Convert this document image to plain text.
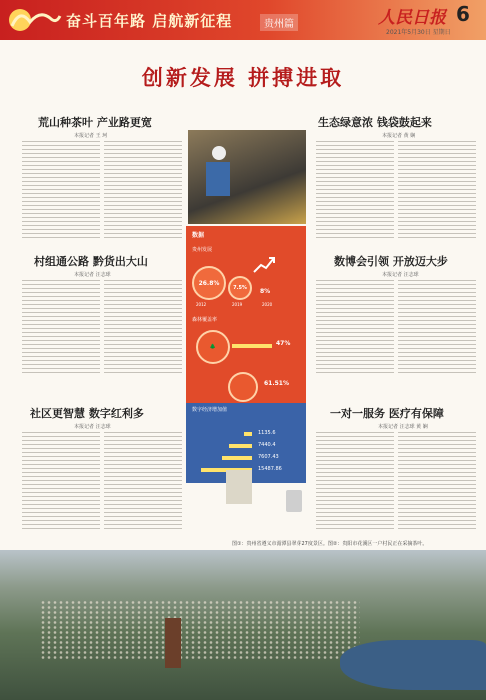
奋斗百年路 启航新征程	贵州篇	人民日报 6
2021年5月30日 星期日
创新发展 拼搏进取
荒山种茶叶 产业路更宽
本报记者 王 珂
村组通公路 黔货出大山
本报记者 汪志球
社区更智慧 数字红利多
本报记者 汪志球
数据
贵州发展
26.8%
7.5%	8%
2012	2019	2020
森林覆盖率
🌲	47%
61.51%
数字经济增加值
1135.6
7440.4
7607.43
15487.86
生态绿意浓 钱袋鼓起来
本报记者 黄 娴
数博会引领 开放迈大步
本报记者 汪志球
一对一服务 医疗有保障
本报记者 汪志球 黄 娴
图①：贵州省遵义市湄潭县翠芽27度景区。图②：贵阳市花溪区一户村民正在采摘茶叶。
